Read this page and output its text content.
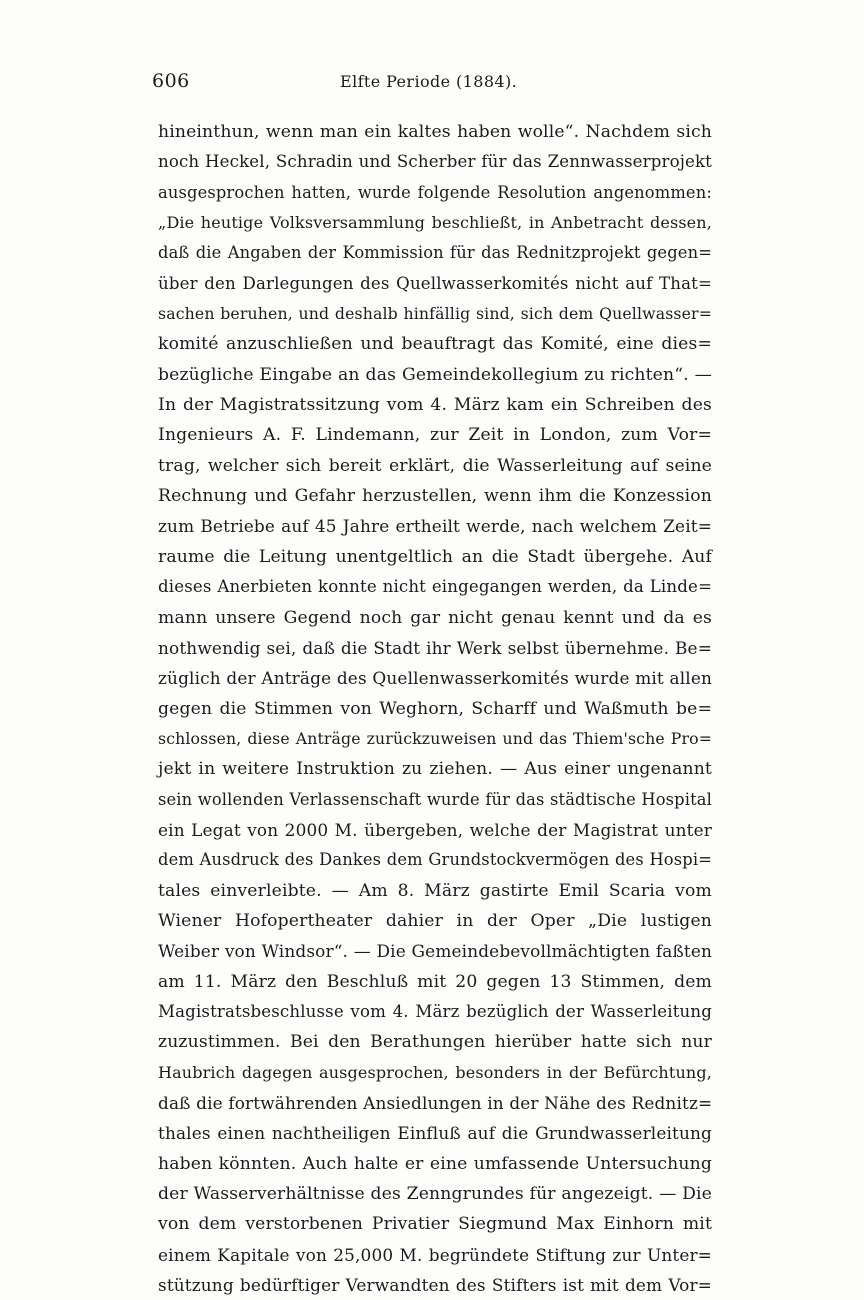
606	Elfte Periode (1884).
hineinthun, wenn man ein kaltes haben wolle“. Nachdem sich
noch Heckel, Schradin und Scherber für das Zennwasserprojekt
ausgesprochen hatten, wurde folgende Resolution angenommen:
„Die heutige Volksversammlung beschließt, in Anbetracht dessen,
daß die Angaben der Kommission für das Rednitzprojekt gegen=
über den Darlegungen des Quellwasserkomités nicht auf That=
sachen beruhen, und deshalb hinfällig sind, sich dem Quellwasser=
komité anzuschließen und beauftragt das Komité, eine dies=
bezügliche Eingabe an das Gemeindekollegium zu richten“. —
In der Magistratssitzung vom 4. März kam ein Schreiben des
Ingenieurs A. F. Lindemann, zur Zeit in London, zum Vor=
trag, welcher sich bereit erklärt, die Wasserleitung auf seine
Rechnung und Gefahr herzustellen, wenn ihm die Konzession
zum Betriebe auf 45 Jahre ertheilt werde, nach welchem Zeit=
raume die Leitung unentgeltlich an die Stadt übergehe. Auf
dieses Anerbieten konnte nicht eingegangen werden, da Linde=
mann unsere Gegend noch gar nicht genau kennt und da es
nothwendig sei, daß die Stadt ihr Werk selbst übernehme. Be=
züglich der Anträge des Quellenwasserkomités wurde mit allen
gegen die Stimmen von Weghorn, Scharff und Waßmuth be=
schlossen, diese Anträge zurückzuweisen und das Thiem'sche Pro=
jekt in weitere Instruktion zu ziehen. — Aus einer ungenannt
sein wollenden Verlassenschaft wurde für das städtische Hospital
ein Legat von 2000 M. übergeben, welche der Magistrat unter
dem Ausdruck des Dankes dem Grundstockvermögen des Hospi=
tales einverleibte. — Am 8. März gastirte Emil Scaria vom
Wiener Hofopertheater dahier in der Oper „Die lustigen
Weiber von Windsor“. — Die Gemeindebevollmächtigten faßten
am 11. März den Beschluß mit 20 gegen 13 Stimmen, dem
Magistratsbeschlusse vom 4. März bezüglich der Wasserleitung
zuzustimmen. Bei den Berathungen hierüber hatte sich nur
Haubrich dagegen ausgesprochen, besonders in der Befürchtung,
daß die fortwährenden Ansiedlungen in der Nähe des Rednitz=
thales einen nachtheiligen Einfluß auf die Grundwasserleitung
haben könnten. Auch halte er eine umfassende Untersuchung
der Wasserverhältnisse des Zenngrundes für angezeigt. — Die
von dem verstorbenen Privatier Siegmund Max Einhorn mit
einem Kapitale von 25,000 M. begründete Stiftung zur Unter=
stützung bedürftiger Verwandten des Stifters ist mit dem Vor=
